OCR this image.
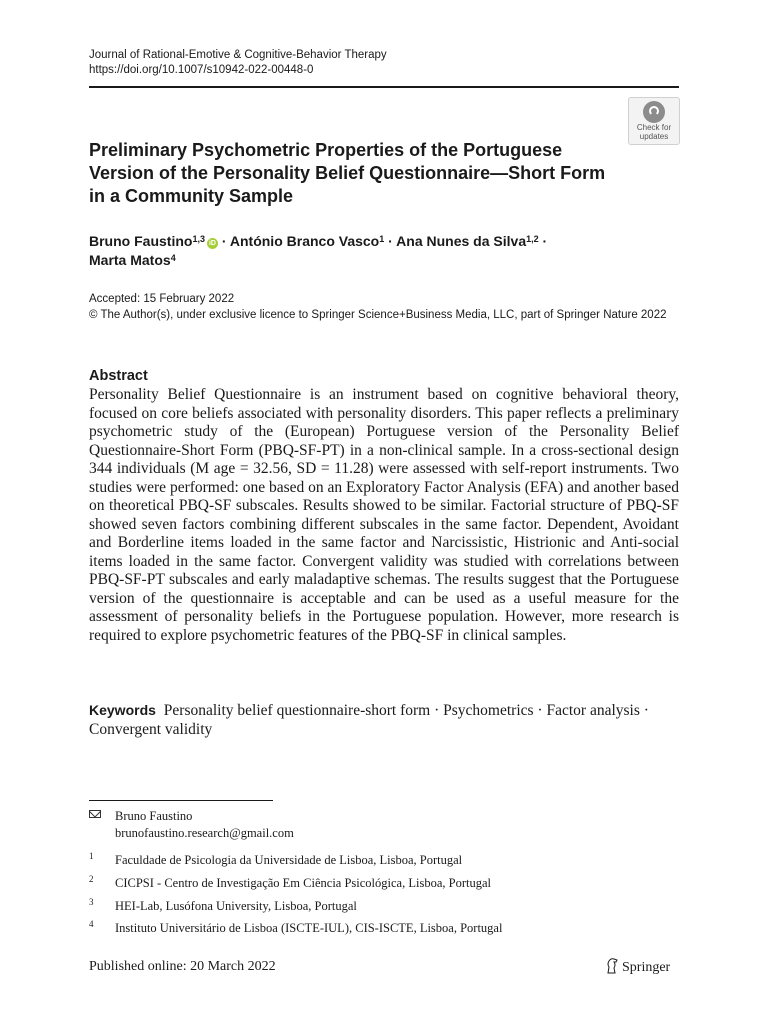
Journal of Rational-Emotive & Cognitive-Behavior Therapy
https://doi.org/10.1007/s10942-022-00448-0
Check for
updates
Preliminary Psychometric Properties of the Portuguese Version of the Personality Belief Questionnaire—Short Form in a Community Sample
Bruno Faustino$^{1,3}$ iD · António Branco Vasco$^1$ · Ana Nunes da Silva$^{1,2}$ ·
Marta Matos$^4$
Accepted: 15 February 2022
© The Author(s), under exclusive licence to Springer Science+Business Media, LLC, part of Springer Nature 2022
Abstract
Personality Belief Questionnaire is an instrument based on cognitive behavioral theory, focused on core beliefs associated with personality disorders. This paper reflects a preliminary psychometric study of the (European) Portuguese version of the Personality Belief Questionnaire-Short Form (PBQ-SF-PT) in a non-clinical sample. In a cross-sectional design 344 individuals (M age = 32.56, SD = 11.28) were assessed with self-report instruments. Two studies were performed: one based on an Exploratory Factor Analysis (EFA) and another based on theoretical PBQ-SF subscales. Results showed to be similar. Factorial structure of PBQ-SF showed seven factors combining different subscales in the same factor. Dependent, Avoidant and Borderline items loaded in the same factor and Narcissistic, Histrionic and Anti-social items loaded in the same factor. Convergent validity was studied with correlations between PBQ-SF-PT subscales and early maladaptive schemas. The results suggest that the Portuguese version of the questionnaire is acceptable and can be used as a useful measure for the assessment of personality beliefs in the Portuguese population. However, more research is required to explore psychometric features of the PBQ-SF in clinical samples.
Keywords Personality belief questionnaire-short form · Psychometrics · Factor analysis · Convergent validity
Bruno Faustino
brunofaustino.research@gmail.com
1 Faculdade de Psicologia da Universidade de Lisboa, Lisboa, Portugal
2 CICPSI - Centro de Investigação Em Ciência Psicológica, Lisboa, Portugal
3 HEI-Lab, Lusófona University, Lisboa, Portugal
4 Instituto Universitário de Lisboa (ISCTE-IUL), CIS-ISCTE, Lisboa, Portugal
Published online: 20 March 2022	Springer
